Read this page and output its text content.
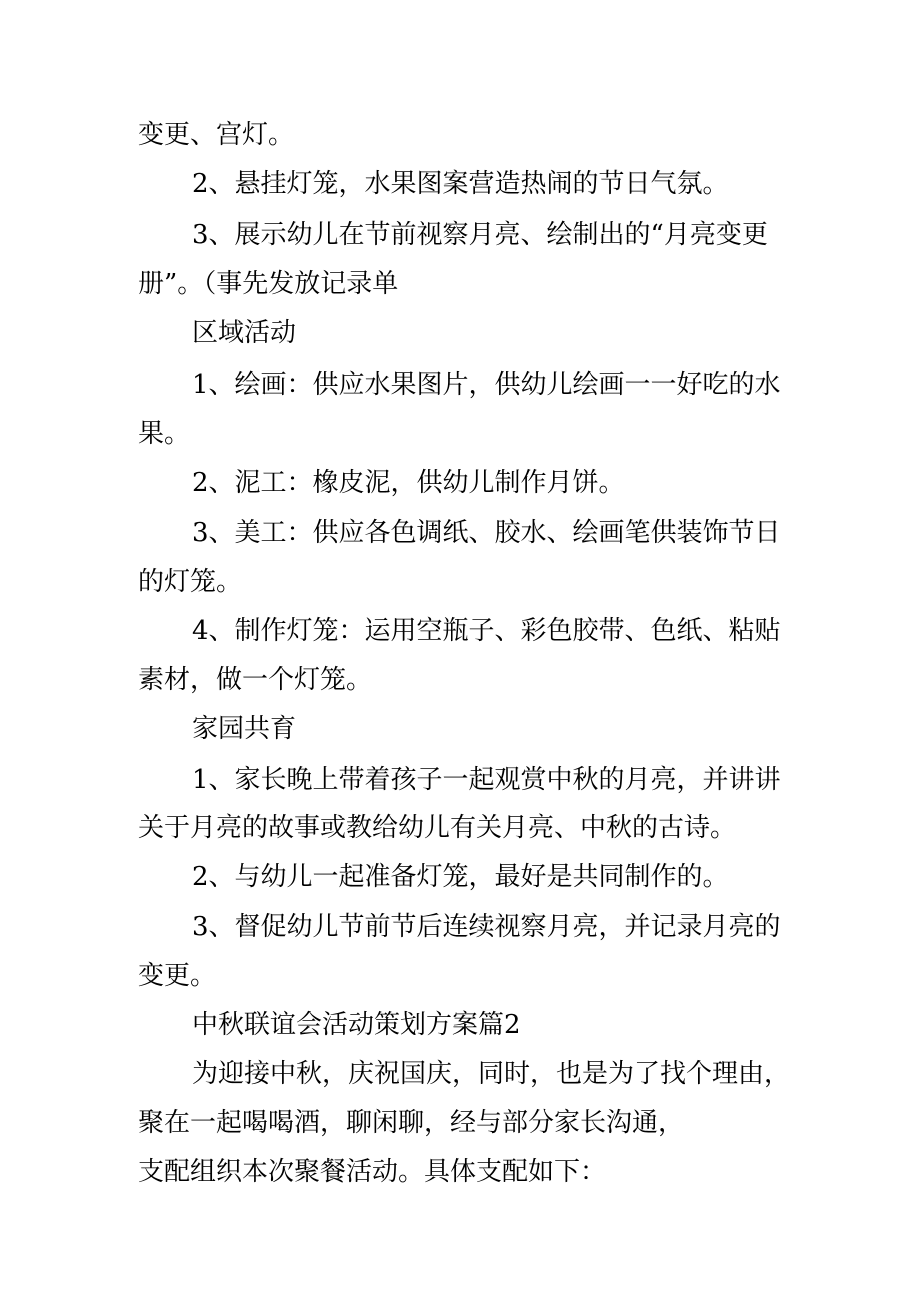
变更、宫灯。
2、悬挂灯笼，水果图案营造热闹的节日气氛。
3、展示幼儿在节前视察月亮、绘制出的“月亮变更
册”。（事先发放记录单
区域活动
1、绘画：供应水果图片，供幼儿绘画一一好吃的水
果。
2、泥工：橡皮泥，供幼儿制作月饼。
3、美工：供应各色调纸、胶水、绘画笔供装饰节日
的灯笼。
4、制作灯笼：运用空瓶子、彩色胶带、色纸、粘贴
素材，做一个灯笼。
家园共育
1、家长晚上带着孩子一起观赏中秋的月亮，并讲讲
关于月亮的故事或教给幼儿有关月亮、中秋的古诗。
2、与幼儿一起准备灯笼，最好是共同制作的。
3、督促幼儿节前节后连续视察月亮，并记录月亮的
变更。
中秋联谊会活动策划方案篇2
为迎接中秋，庆祝国庆，同时，也是为了找个理由，
聚在一起喝喝酒，聊闲聊，经与部分家长沟通，
支配组织本次聚餐活动。具体支配如下：
